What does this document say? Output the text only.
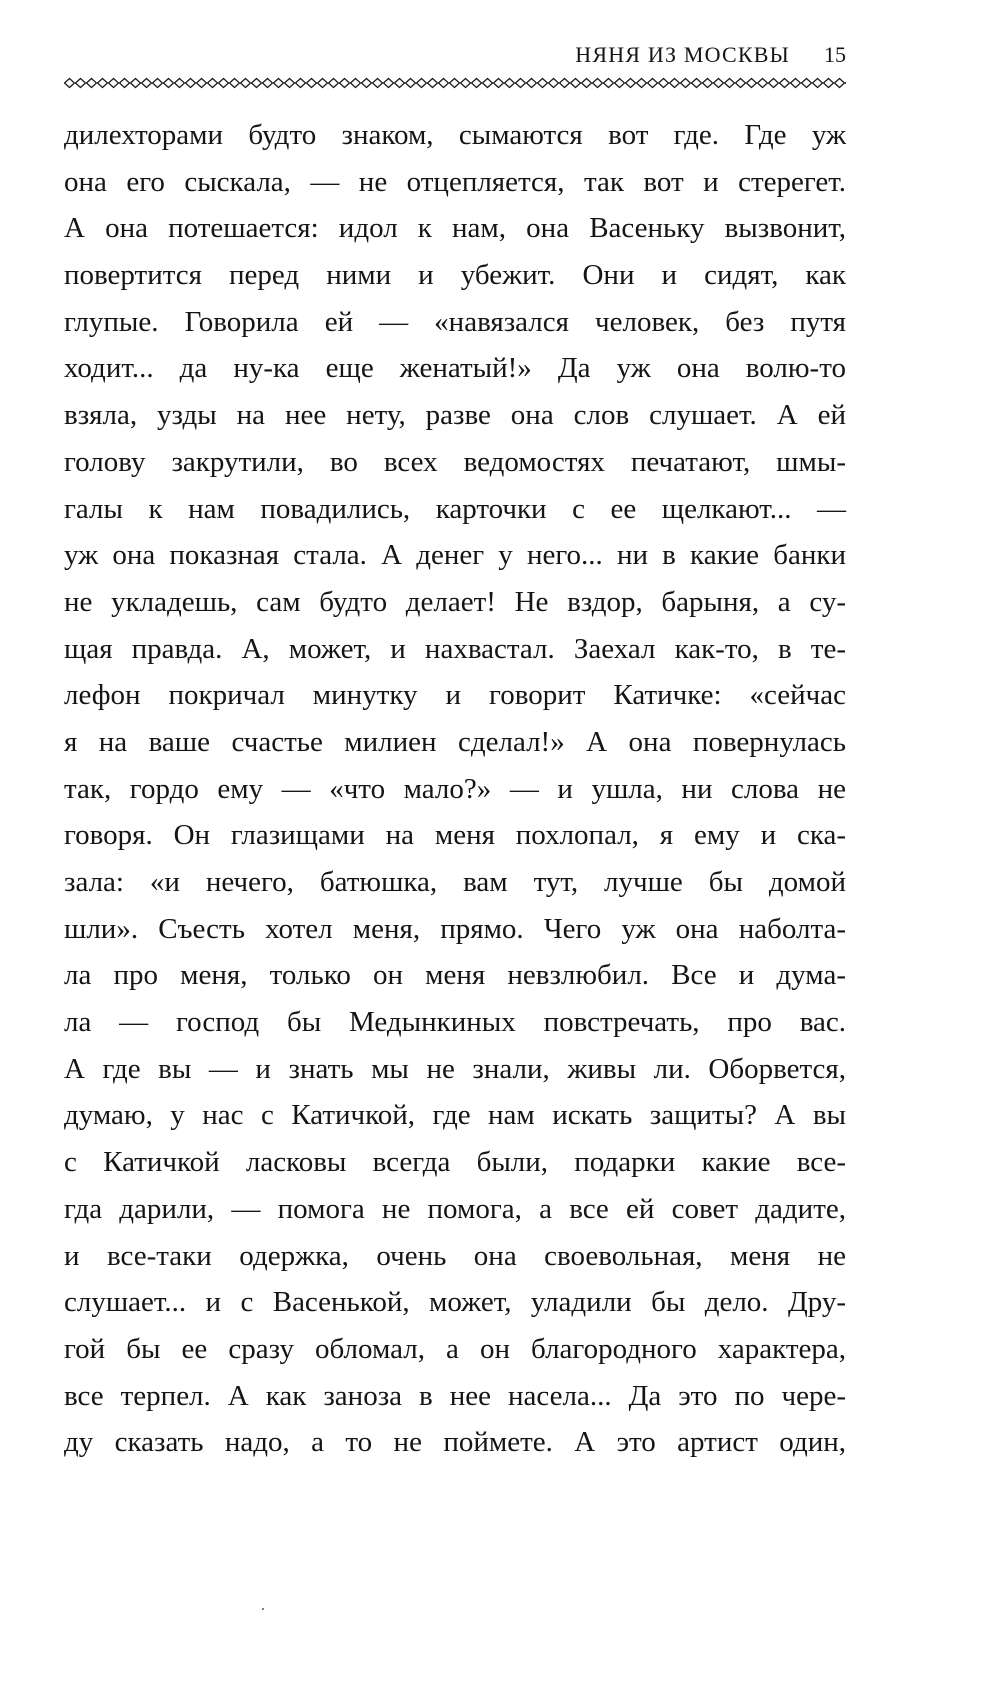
НЯНЯ ИЗ МОСКВЫ 15
дилехторами будто знаком, сымаются вот где. Где уж
она его сыскала, — не отцепляется, так вот и стерегет.
А она потешается: идол к нам, она Васеньку вызвонит,
повертится перед ними и убежит. Они и сидят, как
глупые. Говорила ей — «навязался человек, без путя
ходит... да ну-ка еще женатый!» Да уж она волю-то
взяла, узды на нее нету, разве она слов слушает. А ей
голову закрутили, во всех ведомостях печатают, шмы-
галы к нам повадились, карточки с ее щелкают... —
уж она показная стала. А денег у него... ни в какие банки
не укладешь, сам будто делает! Не вздор, барыня, а су-
щая правда. А, может, и нахвастал. Заехал как-то, в те-
лефон покричал минутку и говорит Катичке: «сейчас
я на ваше счастье милиен сделал!» А она повернулась
так, гордо ему — «что мало?» — и ушла, ни слова не
говоря. Он глазищами на меня похлопал, я ему и ска-
зала: «и нечего, батюшка, вам тут, лучше бы домой
шли». Съесть хотел меня, прямо. Чего уж она наболта-
ла про меня, только он меня невзлюбил. Все и дума-
ла — господ бы Медынкиных повстречать, про вас.
А где вы — и знать мы не знали, живы ли. Оборвется,
думаю, у нас с Катичкой, где нам искать защиты? А вы
с Катичкой ласковы всегда были, подарки какие все-
гда дарили, — помога не помога, а все ей совет дадите,
и все-таки одержка, очень она своевольная, меня не
слушает... и с Васенькой, может, уладили бы дело. Дру-
гой бы ее сразу обломал, а он благородного характера,
все терпел. А как заноза в нее насела... Да это по чере-
ду сказать надо, а то не поймете. А это артист один,
